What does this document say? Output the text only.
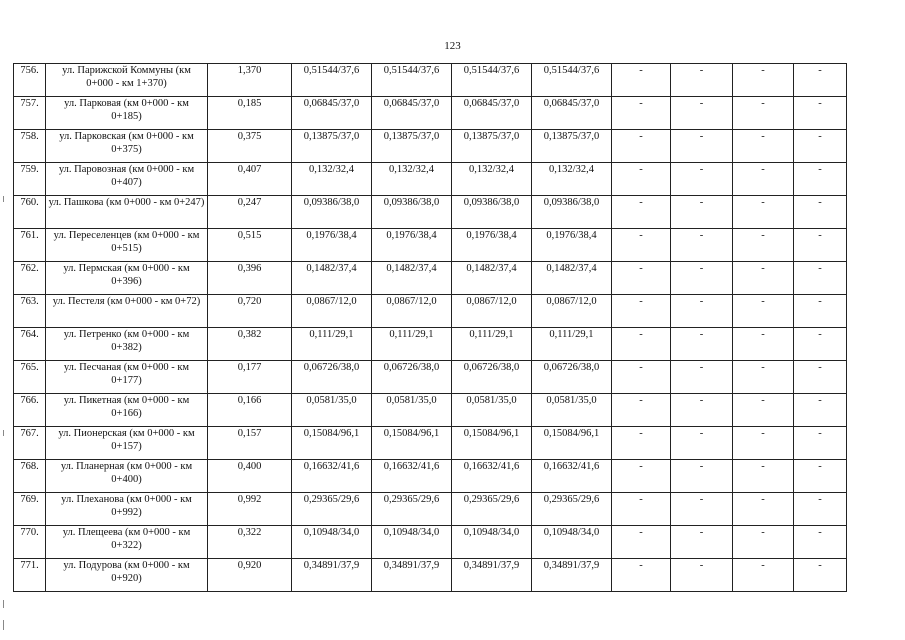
123
756.	ул. Парижской Коммуны (км 0+000 - км 1+370)	1,370	0,51544/37,6	0,51544/37,6	0,51544/37,6	0,51544/37,6	-	-	-	-
757.	ул. Парковая (км 0+000 - км 0+185)	0,185	0,06845/37,0	0,06845/37,0	0,06845/37,0	0,06845/37,0	-	-	-	-
758.	ул. Парковская (км 0+000 - км 0+375)	0,375	0,13875/37,0	0,13875/37,0	0,13875/37,0	0,13875/37,0	-	-	-	-
759.	ул. Паровозная (км 0+000 - км 0+407)	0,407	0,132/32,4	0,132/32,4	0,132/32,4	0,132/32,4	-	-	-	-
760.	ул. Пашкова (км 0+000 - км 0+247)	0,247	0,09386/38,0	0,09386/38,0	0,09386/38,0	0,09386/38,0	-	-	-	-
761.	ул. Переселенцев (км 0+000 - км 0+515)	0,515	0,1976/38,4	0,1976/38,4	0,1976/38,4	0,1976/38,4	-	-	-	-
762.	ул. Пермская (км 0+000 - км 0+396)	0,396	0,1482/37,4	0,1482/37,4	0,1482/37,4	0,1482/37,4	-	-	-	-
763.	ул. Пестеля (км 0+000 - км 0+72)	0,720	0,0867/12,0	0,0867/12,0	0,0867/12,0	0,0867/12,0	-	-	-	-
764.	ул. Петренко (км 0+000 - км 0+382)	0,382	0,111/29,1	0,111/29,1	0,111/29,1	0,111/29,1	-	-	-	-
765.	ул. Песчаная (км 0+000 - км 0+177)	0,177	0,06726/38,0	0,06726/38,0	0,06726/38,0	0,06726/38,0	-	-	-	-
766.	ул. Пикетная (км 0+000 - км 0+166)	0,166	0,0581/35,0	0,0581/35,0	0,0581/35,0	0,0581/35,0	-	-	-	-
767.	ул. Пионерская (км 0+000 - км 0+157)	0,157	0,15084/96,1	0,15084/96,1	0,15084/96,1	0,15084/96,1	-	-	-	-
768.	ул. Планерная (км 0+000 - км 0+400)	0,400	0,16632/41,6	0,16632/41,6	0,16632/41,6	0,16632/41,6	-	-	-	-
769.	ул. Плеханова (км 0+000 - км 0+992)	0,992	0,29365/29,6	0,29365/29,6	0,29365/29,6	0,29365/29,6	-	-	-	-
770.	ул. Плещеева (км 0+000 - км 0+322)	0,322	0,10948/34,0	0,10948/34,0	0,10948/34,0	0,10948/34,0	-	-	-	-
771.	ул. Подурова (км 0+000 - км 0+920)	0,920	0,34891/37,9	0,34891/37,9	0,34891/37,9	0,34891/37,9	-	-	-	-
